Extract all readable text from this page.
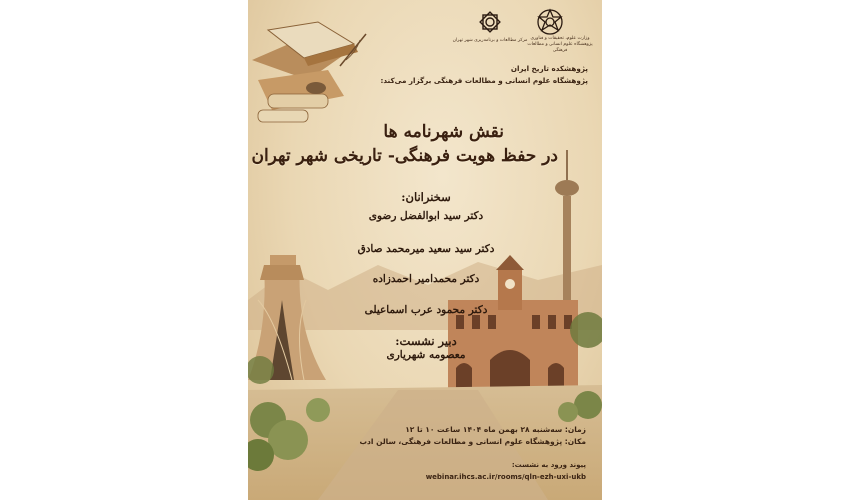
مرکز مطالعات و برنامه‌ریزی شهر تهران وزارت علوم، تحقیقات و فناوری
پژوهشگاه علوم انسانی و مطالعات فرهنگی
پژوهشکده تاریخ ایران
پژوهشگاه علوم انسانی و مطالعات فرهنگی برگزار می‌کند:
نقش شهرنامه ها
در حفظ هویت فرهنگی- تاریخی شهر تهران
سخنرانان:
دکتر سید ابوالفضل رضوی
دکتر سید سعید میرمحمد صادق
دکتر محمدامیر احمدزاده
دکتر محمود عرب اسماعیلی
دبیر نشست:
معصومه شهریاری
زمان: سه‌شنبه ۲۸ بهمن ماه ۱۴۰۴ ساعت ۱۰ تا ۱۲
مکان: پژوهشگاه علوم انسانی و مطالعات فرهنگی، سالن ادب
پیوند ورود به نشست:
webinar.ihcs.ac.ir/rooms/qln-ezh-uxi-ukb
